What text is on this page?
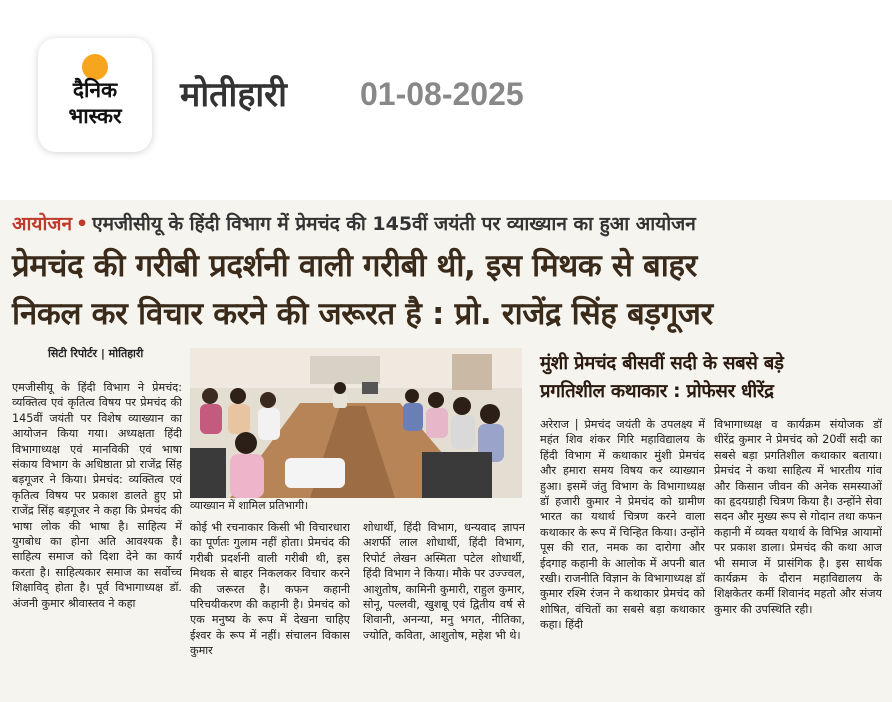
दैनिक
भास्कर
मोतीहारी 01-08-2025
आयोजन • एमजीसीयू के हिंदी विभाग में प्रेमचंद की 145वीं जयंती पर व्याख्यान का हुआ आयोजन
प्रेमचंद की गरीबी प्रदर्शनी वाली गरीबी थी, इस मिथक से बाहर
निकल कर विचार करने की जरूरत है : प्रो. राजेंद्र सिंह बड़गूजर
सिटी रिपोर्टर | मोतिहारी
एमजीसीयू के हिंदी विभाग ने प्रेमचंद: व्यक्तित्व एवं कृतित्व विषय पर प्रेमचंद की 145वीं जयंती पर विशेष व्याख्यान का आयोजन किया गया। अध्यक्षता हिंदी विभागाध्यक्ष एवं मानविकी एवं भाषा संकाय विभाग के अधिष्ठाता प्रो राजेंद्र सिंह बड़गूजर ने किया। प्रेमचंद: व्यक्तित्व एवं कृतित्व विषय पर प्रकाश डालते हुए प्रो राजेंद्र सिंह बड़गूजर ने कहा कि प्रेमचंद की भाषा लोक की भाषा है। साहित्य में युगबोध का होना अति आवश्यक है। साहित्य समाज को दिशा देने का कार्य करता है। साहित्यकार समाज का सर्वोच्च शिक्षाविद् होता है। पूर्व विभागाध्यक्ष डॉ. अंजनी कुमार श्रीवास्तव ने कहा
व्याख्यान में शामिल प्रतिभागी।
कोई भी रचनाकार किसी भी विचारधारा का पूर्णतः गुलाम नहीं होता। प्रेमचंद की गरीबी प्रदर्शनी वाली गरीबी थी, इस मिथक से बाहर निकलकर विचार करने की जरूरत है। कफन कहानी परिचयीकरण की कहानी है। प्रेमचंद को एक मनुष्य के रूप में देखना चाहिए ईश्वर के रूप में नहीं। संचालन विकास कुमार
शोधार्थी, हिंदी विभाग, धन्यवाद ज्ञापन अशर्फी लाल शोधार्थी, हिंदी विभाग, रिपोर्ट लेखन अस्मिता पटेल शोधार्थी, हिंदी विभाग ने किया। मौके पर उज्ज्वल, आशुतोष, कामिनी कुमारी, राहुल कुमार, सोनू, पल्लवी, खुशबू एवं द्वितीय वर्ष से शिवानी, अनन्या, मनु भगत, नीतिका, ज्योति, कविता, आशुतोष, महेश भी थे।
मुंशी प्रेमचंद बीसवीं सदी के सबसे बड़े
प्रगतिशील कथाकार : प्रोफेसर धीरेंद्र
अरेराज | प्रेमचंद जयंती के उपलक्ष्य में महंत शिव शंकर गिरि महाविद्यालय के हिंदी विभाग में कथाकार मुंशी प्रेमचंद और हमारा समय विषय कर व्याख्यान हुआ। इसमें जंतु विभाग के विभागाध्यक्ष डॉ हजारी कुमार ने प्रेमचंद को ग्रामीण भारत का यथार्थ चित्रण करने वाला कथाकार के रूप में चिन्हित किया। उन्होंने पूस की रात, नमक का दारोगा और ईदगाह कहानी के आलोक में अपनी बात रखी। राजनीति विज्ञान के विभागाध्यक्ष डॉ कुमार रश्मि रंजन ने कथाकार प्रेमचंद को शोषित, वंचितों का सबसे बड़ा कथाकार कहा। हिंदी
विभागाध्यक्ष व कार्यक्रम संयोजक डॉ धीरेंद्र कुमार ने प्रेमचंद को 20वीं सदी का सबसे बड़ा प्रगतिशील कथाकार बताया। प्रेमचंद ने कथा साहित्य में भारतीय गांव और किसान जीवन की अनेक समस्याओं का हृदयग्राही चित्रण किया है। उन्होंने सेवा सदन और मुख्य रूप से गोदान तथा कफन कहानी में व्यक्त यथार्थ के विभिन्न आयामों पर प्रकाश डाला। प्रेमचंद की कथा आज भी समाज में प्रासंगिक है। इस सार्थक कार्यक्रम के दौरान महाविद्यालय के शिक्षकेतर कर्मी शिवानंद महतो और संजय कुमार की उपस्थिति रही।
